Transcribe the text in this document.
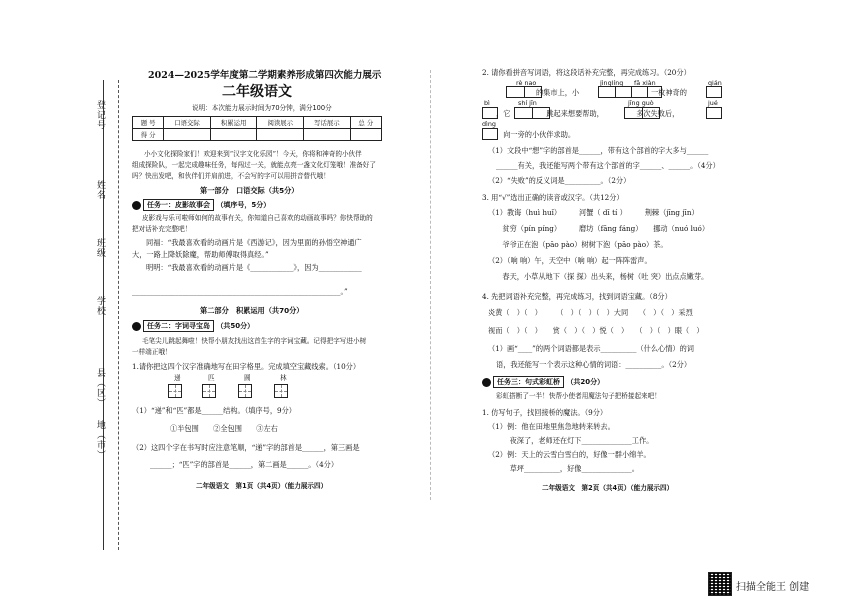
登记号
姓名
班级
学校
县（区）
地（市）
2024—2025学年度第二学期素养形成第四次能力展示
二年级语文
说明：本次能力展示时间为70分钟，满分100分
题 号	口语交际	积累运用	阅读展示	写话展示	总 分
得 分					
小小文化探险家们！欢迎来到“汉字文化乐园”！今天，你将和神奇的小伙伴
组成探险队，一起完成趣味任务，每闯过一关，就能点亮一盏文化灯笼哦！准备好了
吗？快出发吧，和伙伴们并肩前进，不会写的字可以用拼音替代哦！
第一部分　口语交际（共5分）
任务一：皮影故事会 （填序号，5分）
皮影戏与乐可啦师如何的故事有关，你知道自己喜欢的动画故事吗？你快帮助的
把对话补充完整吧！
同福：“我最喜欢看的动画片是《西游记》，因为里面的孙悟空神通广
大，一路上降妖除魔，帮助师傅取得真经。”
明明：“我最喜欢看的动画片是《____________》，因为____________
__________________________________________________________。”
第二部分　积累运用（共70分）
任务二：字词寻宝岛 （共50分）
毛笔尖儿跳起舞啦！快帮小朋友找出这首生字的字词宝藏。记得把字写进小树
一样端正哦！
1.请你把这四个汉字准确地写在田字格里。完成填空宝藏线索。（10分）
递	匹	圆	林
（1）“递”和“匹”都是______结构。（填序号，9分）
①半包围　　②全包围　　③左右
（2）这四个字在书写时应注意笔顺，“递”字的部首是______，第三画是
______；“匹”字的部首是______，第二画是______。（4分）
二年级语文　第1页（共4页）（能力展示四）
2. 请你看拼音写词语，将这段话补充完整，再完成练习。（20分）
rè nao	jìnglíng fā xiàn	qián
　　　　　的集市上，小　　　　　　　　　　一枚神奇的
bì	shí jīn	jīng guò	jué
，它　　　　　跳起来想要帮助，　　　　　多次失败后，
dìng
　向一旁的小伙伴求助。
（1）文段中“想”字的部首是______，带有这个部首的字大多与______
______有关，我还能写两个带有这个部首的字______、______。（4分）
（2）“失败”的反义词是__________。（2分）
3. 用“√”选出正确的读音或汉字。（共12分）
（1）教诲（huì huǐ）　　　河蟹（ dī tí ）　　　荆棘（jīng jīn）
　　贫穷（pín píng）　　　磨坊（fāng fáng）　　挪动（nuó luó）
　　爷爷正在泡（pāo pào）树树下泡（pāo pào）茶。
（2）（响 响）午，天空中（响 响）起一阵阵雷声。
　　春天，小草从地下（探 探）出头来，杨树（吐 突）出点点嫩芽。
4. 先把词语补充完整，再完成练习，找到词语宝藏。（8分）
炎黄（　）（　）　　　（　）（　）（　）大同　　（　）（　）采烈
视而（　）（　）　　赏（　）（　）悦（　）　　（　）（　）眼（　）
（1）画“____”的两个词语都是表示__________（什么心情）的词
语，我还能写一个表示这种心情的词语：__________。（2分）
任务三：句式彩虹桥 （共20分）
彩虹搭断了一半！快帮小使者用魔法句子把桥接起来吧！
1. 仿写句子，找回接桥的魔法。（9分）
（1）例：他在田地里焦急地转来转去。
　　　夜深了，老师还在灯下______________工作。
（2）例：天上的云雪白雪白的，好像一群小绵羊。
　　　草坪__________，好像______________。
二年级语文　第2页（共4页）（能力展示四）
扫描全能王 创建
